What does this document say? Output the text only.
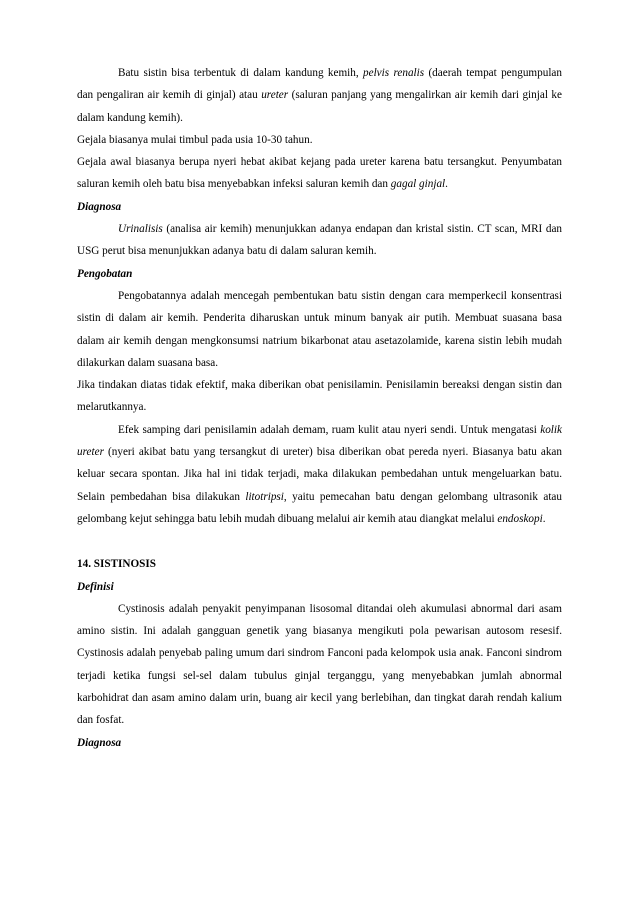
Batu sistin bisa terbentuk di dalam kandung kemih, pelvis renalis (daerah tempat pengumpulan dan pengaliran air kemih di ginjal) atau ureter (saluran panjang yang mengalirkan air kemih dari ginjal ke dalam kandung kemih).

Gejala biasanya mulai timbul pada usia 10-30 tahun.

Gejala awal biasanya berupa nyeri hebat akibat kejang pada ureter karena batu tersangkut. Penyumbatan saluran kemih oleh batu bisa menyebabkan infeksi saluran kemih dan gagal ginjal.

Diagnosa

Urinalisis (analisa air kemih) menunjukkan adanya endapan dan kristal sistin. CT scan, MRI dan USG perut bisa menunjukkan adanya batu di dalam saluran kemih.

Pengobatan

Pengobatannya adalah mencegah pembentukan batu sistin dengan cara memperkecil konsentrasi sistin di dalam air kemih. Penderita diharuskan untuk minum banyak air putih. Membuat suasana basa dalam air kemih dengan mengkonsumsi natrium bikarbonat atau asetazolamide, karena sistin lebih mudah dilakurkan dalam suasana basa.

Jika tindakan diatas tidak efektif, maka diberikan obat penisilamin. Penisilamin bereaksi dengan sistin dan melarutkannya.

Efek samping dari penisilamin adalah demam, ruam kulit atau nyeri sendi. Untuk mengatasi kolik ureter (nyeri akibat batu yang tersangkut di ureter) bisa diberikan obat pereda nyeri. Biasanya batu akan keluar secara spontan. Jika hal ini tidak terjadi, maka dilakukan pembedahan untuk mengeluarkan batu. Selain pembedahan bisa dilakukan litotripsi, yaitu pemecahan batu dengan gelombang ultrasonik atau gelombang kejut sehingga batu lebih mudah dibuang melalui air kemih atau diangkat melalui endoskopi.

14. SISTINOSIS
Definisi

Cystinosis adalah penyakit penyimpanan lisosomal ditandai oleh akumulasi abnormal dari asam amino sistin. Ini adalah gangguan genetik yang biasanya mengikuti pola pewarisan autosom resesif. Cystinosis adalah penyebab paling umum dari sindrom Fanconi pada kelompok usia anak. Fanconi sindrom terjadi ketika fungsi sel-sel dalam tubulus ginjal terganggu, yang menyebabkan jumlah abnormal karbohidrat dan asam amino dalam urin, buang air kecil yang berlebihan, dan tingkat darah rendah kalium dan fosfat.

Diagnosa
